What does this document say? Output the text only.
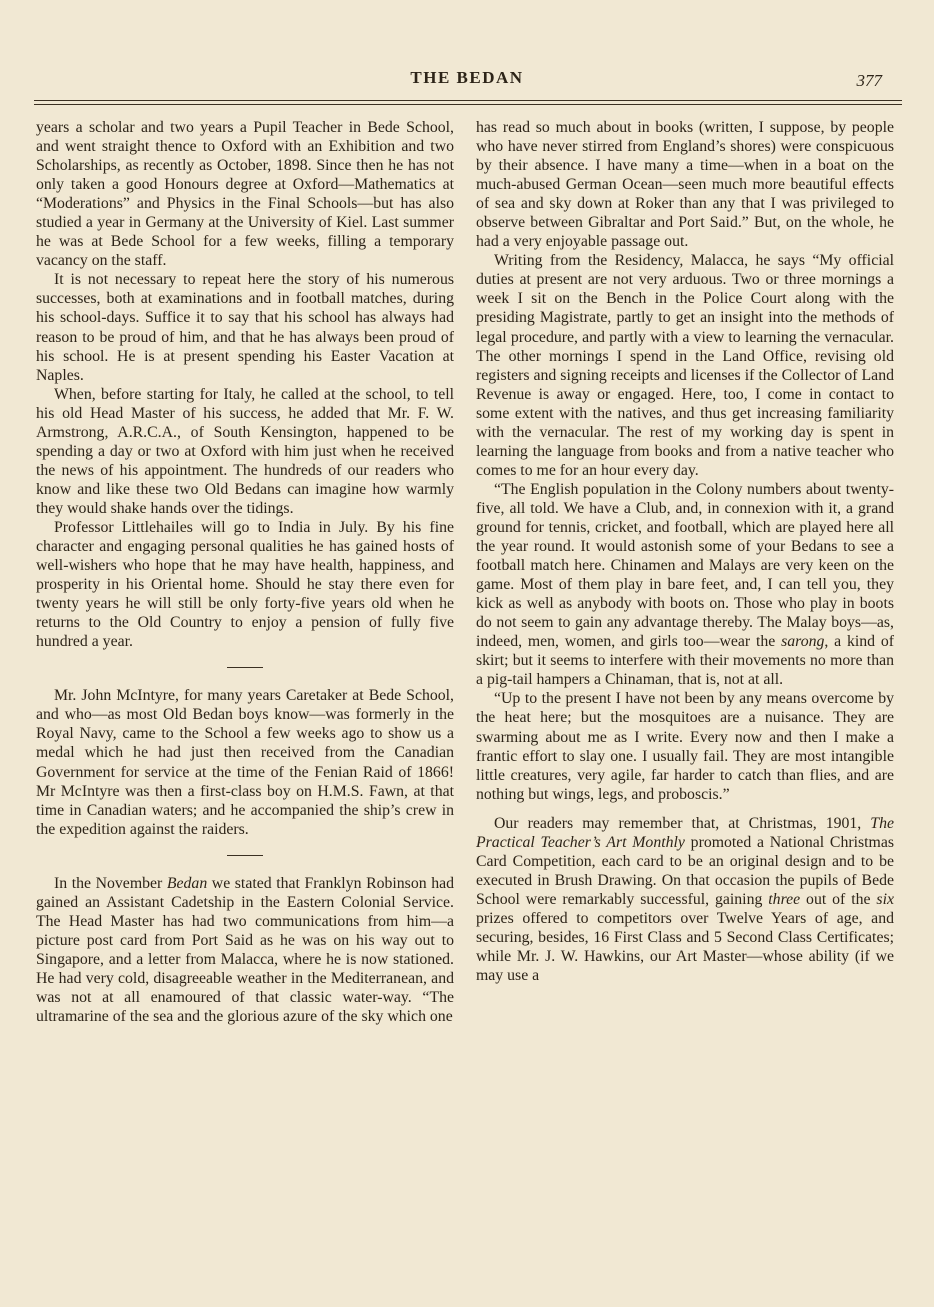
THE BEDAN	377

years a scholar and two years a Pupil Teacher in Bede School, and went straight thence to Oxford with an Exhibition and two Scholarships, as recently as October, 1898. Since then he has not only taken a good Honours degree at Oxford—Mathematics at “Moderations” and Physics in the Final Schools—but has also studied a year in Germany at the University of Kiel. Last summer he was at Bede School for a few weeks, filling a temporary vacancy on the staff.

It is not necessary to repeat here the story of his numerous successes, both at examinations and in football matches, during his school-days. Suffice it to say that his school has always had reason to be proud of him, and that he has always been proud of his school. He is at present spending his Easter Vacation at Naples.

When, before starting for Italy, he called at the school, to tell his old Head Master of his success, he added that Mr. F. W. Armstrong, A.R.C.A., of South Kensington, happened to be spending a day or two at Oxford with him just when he received the news of his appointment. The hundreds of our readers who know and like these two Old Bedans can imagine how warmly they would shake hands over the tidings.

Professor Littlehailes will go to India in July. By his fine character and engaging personal qualities he has gained hosts of well-wishers who hope that he may have health, happiness, and prosperity in his Oriental home. Should he stay there even for twenty years he will still be only forty-five years old when he returns to the Old Country to enjoy a pension of fully five hundred a year.

Mr. John McIntyre, for many years Caretaker at Bede School, and who—as most Old Bedan boys know—was formerly in the Royal Navy, came to the School a few weeks ago to show us a medal which he had just then received from the Canadian Government for service at the time of the Fenian Raid of 1866! Mr McIntyre was then a first-class boy on H.M.S. Fawn, at that time in Canadian waters; and he accompanied the ship’s crew in the expedition against the raiders.

In the November Bedan we stated that Franklyn Robinson had gained an Assistant Cadetship in the Eastern Colonial Service. The Head Master has had two communications from him—a picture post card from Port Said as he was on his way out to Singapore, and a letter from Malacca, where he is now stationed. He had very cold, disagreeable weather in the Mediterranean, and was not at all enamoured of that classic water-way. “The ultramarine of the sea and the glorious azure of the sky which one

has read so much about in books (written, I suppose, by people who have never stirred from England’s shores) were conspicuous by their absence. I have many a time—when in a boat on the much-abused German Ocean—seen much more beautiful effects of sea and sky down at Roker than any that I was privileged to observe between Gibraltar and Port Said.” But, on the whole, he had a very enjoyable passage out.

Writing from the Residency, Malacca, he says “My official duties at present are not very arduous. Two or three mornings a week I sit on the Bench in the Police Court along with the presiding Magistrate, partly to get an insight into the methods of legal procedure, and partly with a view to learning the vernacular. The other mornings I spend in the Land Office, revising old registers and signing receipts and licenses if the Collector of Land Revenue is away or engaged. Here, too, I come in contact to some extent with the natives, and thus get increasing familiarity with the vernacular. The rest of my working day is spent in learning the language from books and from a native teacher who comes to me for an hour every day.

“The English population in the Colony numbers about twenty-five, all told. We have a Club, and, in connexion with it, a grand ground for tennis, cricket, and football, which are played here all the year round. It would astonish some of your Bedans to see a football match here. Chinamen and Malays are very keen on the game. Most of them play in bare feet, and, I can tell you, they kick as well as anybody with boots on. Those who play in boots do not seem to gain any advantage thereby. The Malay boys—as, indeed, men, women, and girls too—wear the sarong, a kind of skirt; but it seems to interfere with their movements no more than a pig-tail hampers a Chinaman, that is, not at all.

“Up to the present I have not been by any means overcome by the heat here; but the mosquitoes are a nuisance. They are swarming about me as I write. Every now and then I make a frantic effort to slay one. I usually fail. They are most intangible little creatures, very agile, far harder to catch than flies, and are nothing but wings, legs, and proboscis.”

Our readers may remember that, at Christmas, 1901, The Practical Teacher’s Art Monthly promoted a National Christmas Card Competition, each card to be an original design and to be executed in Brush Drawing. On that occasion the pupils of Bede School were remarkably successful, gaining three out of the six prizes offered to competitors over Twelve Years of age, and securing, besides, 16 First Class and 5 Second Class Certificates; while Mr. J. W. Hawkins, our Art Master—whose ability (if we may use a
